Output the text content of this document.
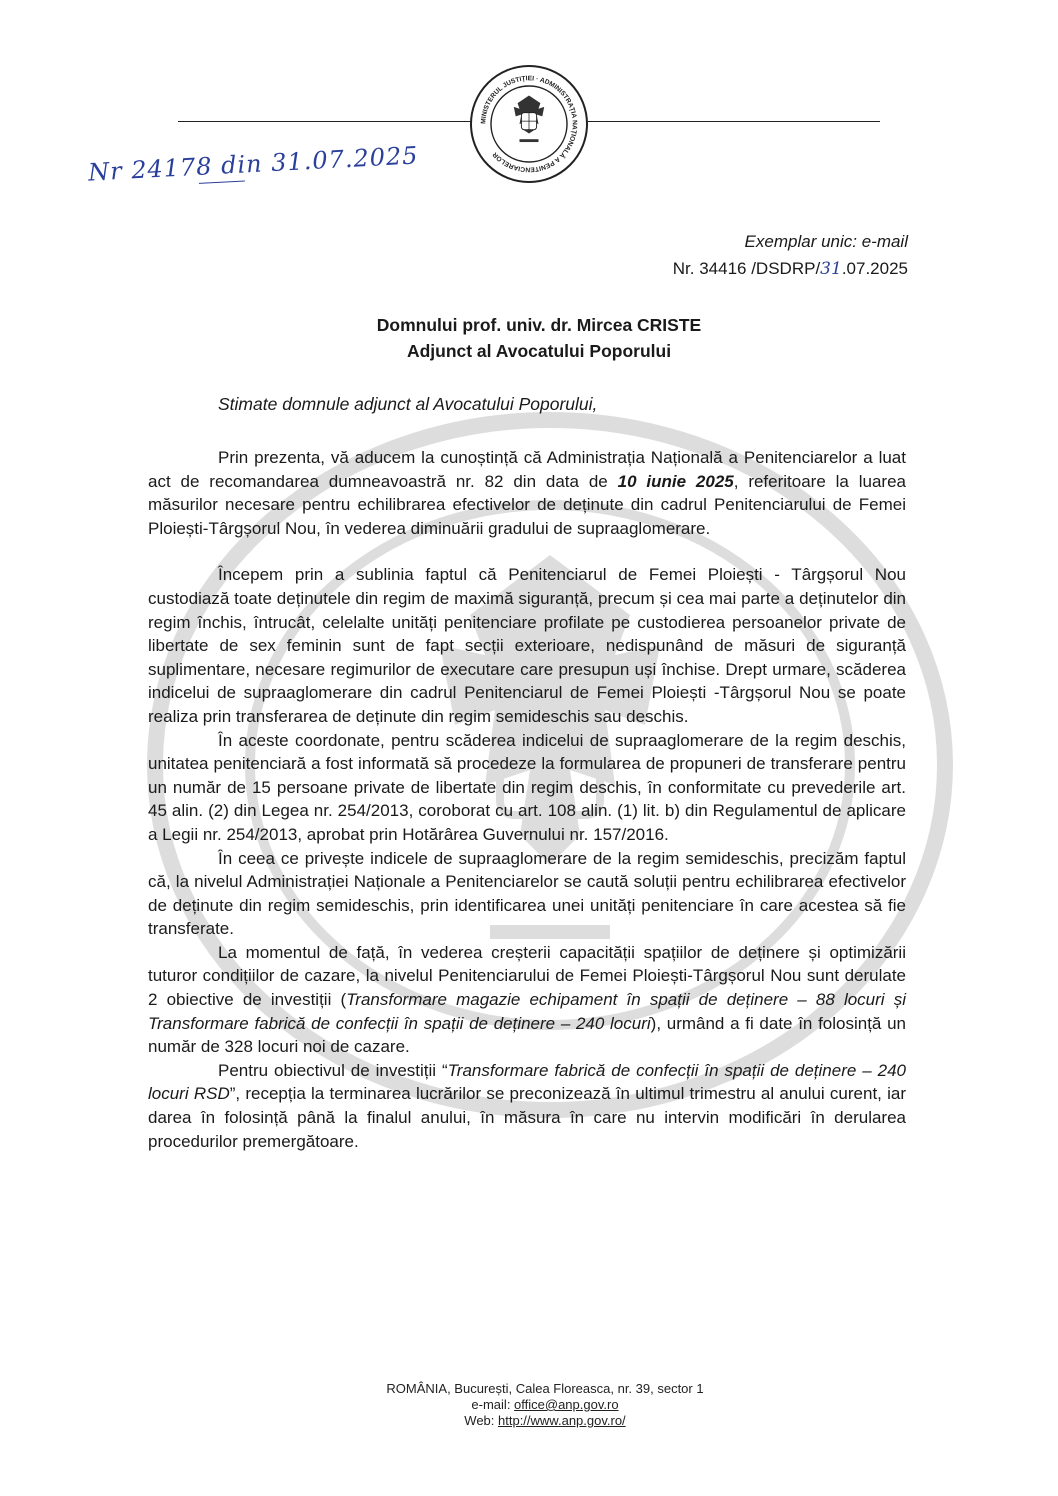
MINISTERUL JUSTIȚIEI · ADMINISTRAȚIA NAȚIONALĂ A PENITENCIARELOR
Nr 24178 din 31.07.2025
Exemplar unic: e-mail
Nr. 34416 /DSDRP/31.07.2025
Domnului prof. univ. dr. Mircea CRISTE
Adjunct al Avocatului Poporului
Stimate domnule adjunct al Avocatului Poporului,

Prin prezenta, vă aducem la cunoștință că Administrația Națională a Penitenciarelor a luat act de recomandarea dumneavoastră nr. 82 din data de 10 iunie 2025, referitoare la luarea măsurilor necesare pentru echilibrarea efectivelor de deținute din cadrul Penitenciarului de Femei Ploiești-Târgșorul Nou, în vederea diminuării gradului de supraaglomerare.

Începem prin a sublinia faptul că Penitenciarul de Femei Ploiești - Târgșorul Nou custodiază toate deținutele din regim de maximă siguranță, precum și cea mai parte a deținutelor din regim închis, întrucât, celelalte unități penitenciare profilate pe custodierea persoanelor private de libertate de sex feminin sunt de fapt secții exterioare, nedispunând de măsuri de siguranță suplimentare, necesare regimurilor de executare care presupun uși închise. Drept urmare, scăderea indicelui de supraaglomerare din cadrul Penitenciarul de Femei Ploiești -Târgșorul Nou se poate realiza prin transferarea de deținute din regim semideschis sau deschis.

În aceste coordonate, pentru scăderea indicelui de supraaglomerare de la regim deschis, unitatea penitenciară a fost informată să procedeze la formularea de propuneri de transferare pentru un număr de 15 persoane private de libertate din regim deschis, în conformitate cu prevederile art. 45 alin. (2) din Legea nr. 254/2013, coroborat cu art. 108 alin. (1) lit. b) din Regulamentul de aplicare a Legii nr. 254/2013, aprobat prin Hotărârea Guvernului nr. 157/2016.

În ceea ce privește indicele de supraaglomerare de la regim semideschis, precizăm faptul că, la nivelul Administrației Naționale a Penitenciarelor se caută soluții pentru echilibrarea efectivelor de deținute din regim semideschis, prin identificarea unei unități penitenciare în care acestea să fie transferate.

La momentul de față, în vederea creșterii capacității spațiilor de deținere și optimizării tuturor condițiilor de cazare, la nivelul Penitenciarului de Femei Ploiești-Târgșorul Nou sunt derulate 2 obiective de investiții (Transformare magazie echipament în spații de deținere – 88 locuri și Transformare fabrică de confecții în spații de deținere – 240 locuri), urmând a fi date în folosință un număr de 328 locuri noi de cazare.

Pentru obiectivul de investiții “Transformare fabrică de confecții în spații de deținere – 240 locuri RSD”, recepția la terminarea lucrărilor se preconizează în ultimul trimestru al anului curent, iar darea în folosință până la finalul anului, în măsura în care nu intervin modificări în derularea procedurilor premergătoare.

ROMÂNIA, București, Calea Floreasca, nr. 39, sector 1
e-mail: office@anp.gov.ro
Web: http://www.anp.gov.ro/
